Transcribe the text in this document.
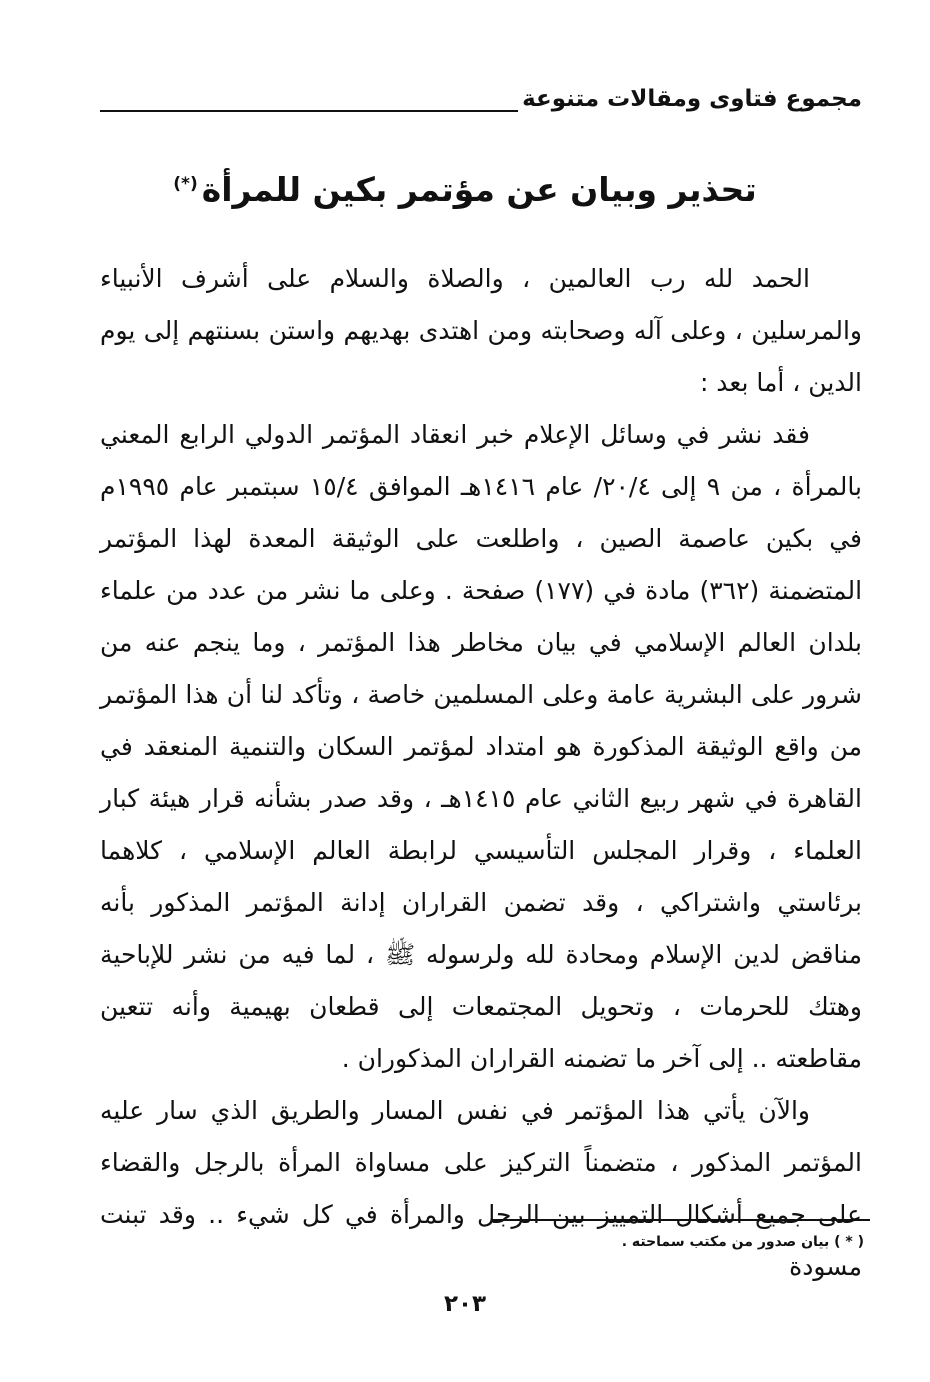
مجموع فتاوى ومقالات متنوعة
تحذير وبيان عن مؤتمر بكين للمرأة(*)

الحمد لله رب العالمين ، والصلاة والسلام على أشرف الأنبياء والمرسلين ، وعلى آله وصحابته ومن اهتدى بهديهم واستن بسنتهم إلى يوم الدين ، أما بعد :

فقد نشر في وسائل الإعلام خبر انعقاد المؤتمر الدولي الرابع المعني بالمرأة ، من ٩ إلى ٢٠/٤/ عام ١٤١٦هـ الموافق ١٥/٤ سبتمبر عام ١٩٩٥م في بكين عاصمة الصين ، واطلعت على الوثيقة المعدة لهذا المؤتمر المتضمنة (٣٦٢) مادة في (١٧٧) صفحة . وعلى ما نشر من عدد من علماء بلدان العالم الإسلامي في بيان مخاطر هذا المؤتمر ، وما ينجم عنه من شرور على البشرية عامة وعلى المسلمين خاصة ، وتأكد لنا أن هذا المؤتمر من واقع الوثيقة المذكورة هو امتداد لمؤتمر السكان والتنمية المنعقد في القاهرة في شهر ربيع الثاني عام ١٤١٥هـ ، وقد صدر بشأنه قرار هيئة كبار العلماء ، وقرار المجلس التأسيسي لرابطة العالم الإسلامي ، كلاهما برئاستي واشتراكي ، وقد تضمن القراران إدانة المؤتمر المذكور بأنه مناقض لدين الإسلام ومحادة لله ولرسوله ﷺ ، لما فيه من نشر للإباحية وهتك للحرمات ، وتحويل المجتمعات إلى قطعان بهيمية وأنه تتعين مقاطعته .. إلى آخر ما تضمنه القراران المذكوران .

والآن يأتي هذا المؤتمر في نفس المسار والطريق الذي سار عليه المؤتمر المذكور ، متضمناً التركيز على مساواة المرأة بالرجل والقضاء على جميع أشكال التمييز بين الرجل والمرأة في كل شيء .. وقد تبنت مسودة

( * ) بيان صدور من مكتب سماحته .
٢٠٣
